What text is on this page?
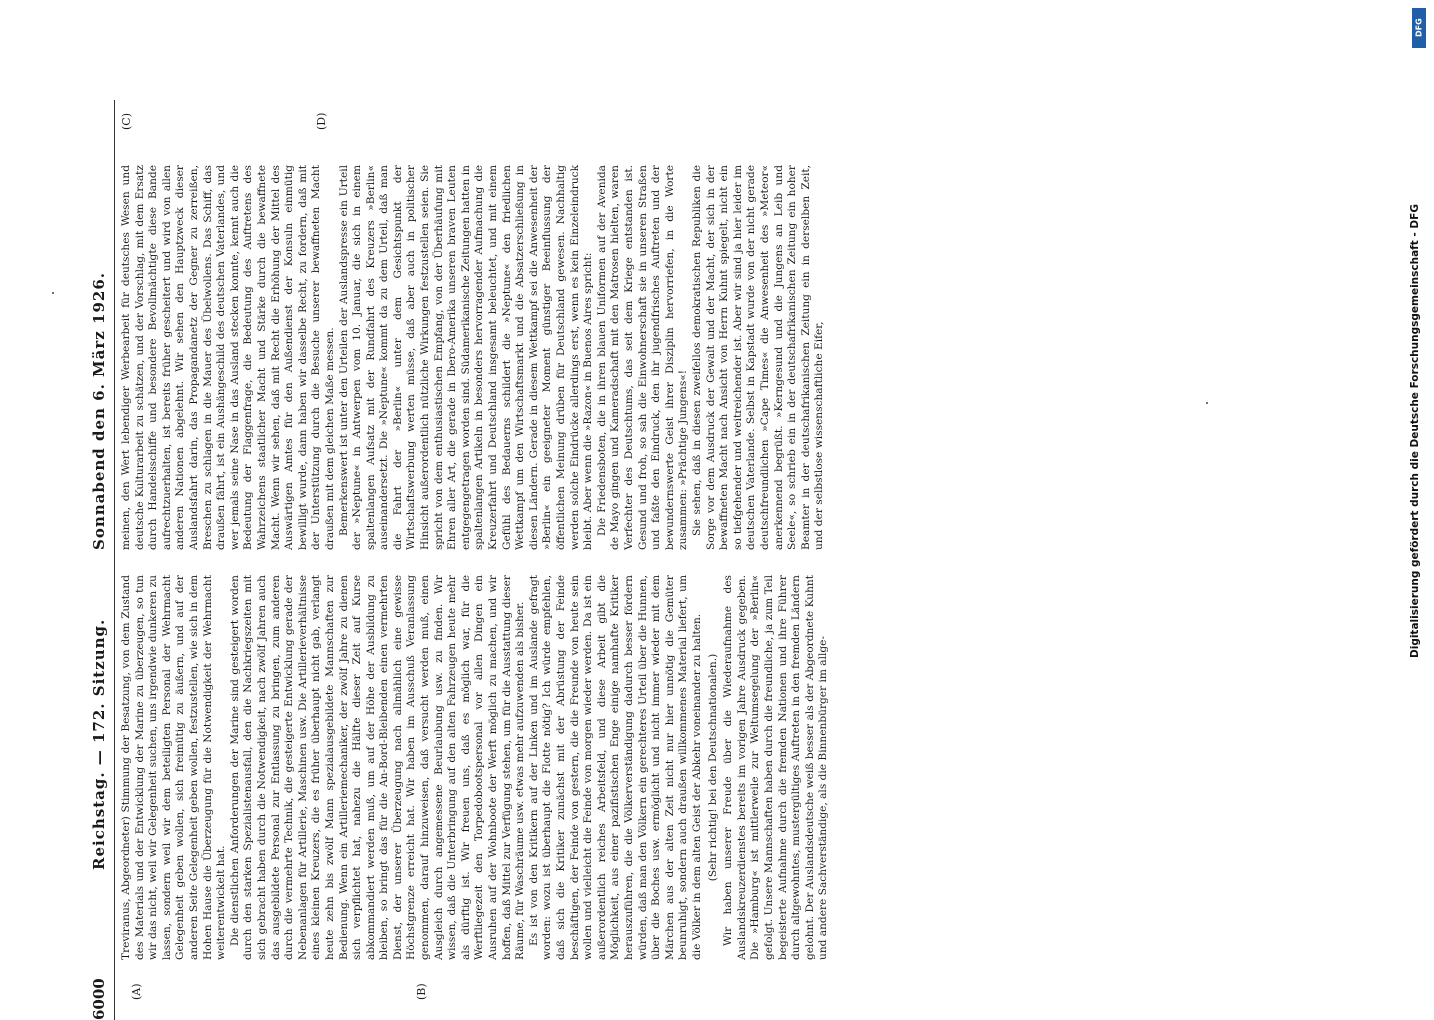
6000
Reichstag. — 172. Sitzung.
Sonnabend den 6. März 1926.
(A)	(B)
(C)	(D)

Treviranus, Abgeordneter) Stimmung der Besatzung, von dem Zustand des Materials und der Entwicklung der Marine zu überzeugen, so tun wir das nicht, weil wir Gelegenheit suchen, uns irgendwie dunkeren zu lassen, sondern weil wir dem beteiligten Personal der Wehrmacht Gelegenheit geben wollen, sich freimütig zu äußern, und auf der anderen Seite Gelegenheit geben wollen, festzustellen, wie sich in dem Hohen Hause die Überzeugung für die Notwendigkeit der Wehrmacht weiterentwickelt hat. Die dienstlichen Anforderungen der Marine sind gesteigert worden durch den starken Spezialistenausfall, den die Nachkriegszeiten mit sich gebracht haben durch die Notwendigkeit, nach zwölf Jahren auch das ausgebildete Personal zur Entlassung zu bringen, zum anderen durch die vermehrte Technik, die gesteigerte Entwicklung gerade der Nebenanlagen für Artillerie, Maschinen usw. Die Artillerieverhältnisse eines kleinen Kreuzers, die es früher überhaupt nicht gab, verlangt heute zehn bis zwölf Mann spezialausgebildete Mannschaften zur Bedienung. Wenn ein Artilleriemechaniker, der zwölf Jahre zu dienen sich verpflichtet hat, nahezu die Hälfte dieser Zeit auf Kurse abkommandiert werden muß, um auf der Höhe der Ausbildung zu bleiben, so bringt das für die An-Bord-Bleibenden einen vermehrten Dienst, der unserer Überzeugung nach allmählich eine gewisse Höchstgrenze erreicht hat. Wir haben im Ausschuß Veranlassung genommen, darauf hinzuweisen, daß versucht werden muß, einen Ausgleich durch angemessene Beurlaubung usw. zu finden. Wir wissen, daß die Unterbringung auf den alten Fahrzeugen heute mehr als dürftig ist. Wir freuen uns, daß es möglich war, für die Werftliegezeit den Torpedobootspersonal vor allen Dingen ein Ausruhen auf der Wohnboote der Werft möglich zu machen, und wir hoffen, daß Mittel zur Verfügung stehen, um für die Ausstattung dieser Räume, für Waschräume usw. etwas mehr aufzuwenden als bisher. Es ist von den Kritikern auf der Linken und im Auslande gefragt worden: wozu ist überhaupt die Flotte nötig? Ich würde empfehlen, daß sich die Kritiker zunächst mit der Abrüstung der Feinde beschäftigen, der Feinde von gestern, die die Freunde von heute sein wollen und vielleicht die Feinde von morgen wieder werden. Da ist ein außerordentlich reiches Arbeitsfeld, und diese Arbeit gibt die Möglichkeit, aus einer pazifistischen Enge einige namhafte Kritiker herauszuführen, die die Völkerverständigung dadurch besser fördern würden, daß man den Völkern ein gerechteres Urteil über die Hunnen, über die Boches usw. ermöglicht und nicht immer wieder mit dem Märchen aus der alten Zeit nicht nur hier unnötig die Gemüter beunruhigt, sondern auch draußen willkommenes Material liefert, um die Völker in dem alten Geist der Abkehr voneinander zu halten. (Sehr richtig! bei den Deutschnationalen.) Wir haben unserer Freude über die Wiederaufnahme des Auslandskreuzerdienstes bereits im vorigen Jahre Ausdruck gegeben. Die »Hamburg« ist mittlerweile zur Weltumsegelung der »Berlin« gefolgt. Unsere Mannschaften haben durch die freundliche, ja zum Teil begeisterte Aufnahme durch die fremden Nationen und ihre Führer durch altgewohntes, mustergültiges Auftreten in den fremden Ländern gelohnt. Der Auslandsdeutsche weiß besser als der Abgeordnete Kuhnt und andere Sachverständige, als die Binnenbürger im allge-

meinen, den Wert lebendiger Werbearbeit für deutsches Wesen und deutsche Kulturarbeit zu schätzen, und der Vorschlag, mit dem Ersatz durch Handelsschiffe und besondere Bevollmächtigte diese Bande aufrechtzuerhalten, ist bereits früher gescheitert und wird von allen anderen Nationen abgelehnt. Wir sehen den Hauptzweck dieser Auslandsfahrt darin, das Propagandanetz der Gegner zu zerreißen, Breschen zu schlagen in die Mauer des Übelwollens. Das Schiff, das draußen fährt, ist ein Aushängeschild des deutschen Vaterlandes, und wer jemals seine Nase in das Ausland stecken konnte, kennt auch die Bedeutung der Flaggenfrage, die Bedeutung des Auftretens des Wahrzeichens staatlicher Macht und Stärke durch die bewaffnete Macht. Wenn wir sehen, daß mit Recht die Erhöhung der Mittel des Auswärtigen Amtes für den Außendienst der Konsuln einmütig bewilligt wurde, dann haben wir dasselbe Recht, zu fordern, daß mit der Unterstützung durch die Besuche unserer bewaffneten Macht draußen mit dem gleichen Maße messen. Bemerkenswert ist unter den Urteilen der Auslandspresse ein Urteil der »Neptune« in Antwerpen vom 10. Januar, die sich in einem spaltenlangen Aufsatz mit der Rundfahrt des Kreuzers »Berlin« auseinandersetzt. Die »Neptune« kommt da zu dem Urteil, daß man die Fahrt der »Berlin« unter dem Gesichtspunkt der Wirtschaftswerbung werten müsse, daß aber auch in politischer Hinsicht außerordentlich nützliche Wirkungen festzustellen seien. Sie spricht von dem enthusiastischen Empfang, von der Überhäufung mit Ehren aller Art, die gerade in Ibero-Amerika unseren braven Leuten entgegengetragen worden sind. Südamerikanische Zeitungen hatten in spaltenlangen Artikeln in besonders hervorragender Aufmachung die Kreuzerfahrt und Deutschland insgesamt beleuchtet, und mit einem Gefühl des Bedauerns schildert die »Neptune« den friedlichen Wettkampf um den Wirtschaftsmarkt und die Absatzerschließung in diesen Ländern. Gerade in diesem Wettkampf sei die Anwesenheit der »Berlin« ein geeigneter Moment günstiger Beeinflussung der öffentlichen Meinung drüben für Deutschland gewesen. Nachhaltig werden solche Eindrücke allerdings erst, wenn es kein Einzeleindruck bleibt. Aber wenn die »Razon« in Buenos Aires spricht: Die Friedensboten, die in ihren blauen Uniformen auf der Avenida de Mayo gingen und Kameradschaft mit den Matrosen hielten, waren Verfechter des Deutschtums, das seit dem Kriege entstanden ist. Gesund und froh, so sah die Einwohnerschaft sie in unseren Straßen und faßte den Eindruck, den ihr jugendfrisches Auftreten und der bewundernswerte Geist ihrer Disziplin hervorriefen, in die Worte zusammen: »Prächtige Jungens«! Sie sehen, daß in diesen zweifellos demokratischen Republiken die Sorge vor dem Ausdruck der Gewalt und der Macht, der sich in der bewaffneten Macht nach Ansicht von Herrn Kuhnt spiegelt, nicht ein so tiefgehender und weitreichender ist. Aber wir sind ja hier leider im deutschen Vaterlande. Selbst in Kapstadt wurde von der nicht gerade deutschfreundlichen »Cape Times« die Anwesenheit des »Meteor« anerkennend begrüßt. »Kerngesund und die Jungens an Leib und Seele«, so schrieb ein in der deutschafrikanischen Zeitung ein hoher Beamter in der deutschafrikanischen Zeitung ein in derselben Zeit, und der selbstlose wissenschaftliche Eifer,	Digitalisierung gefördert durch die Deutsche Forschungsgemeinschaft - DFG
DFG
